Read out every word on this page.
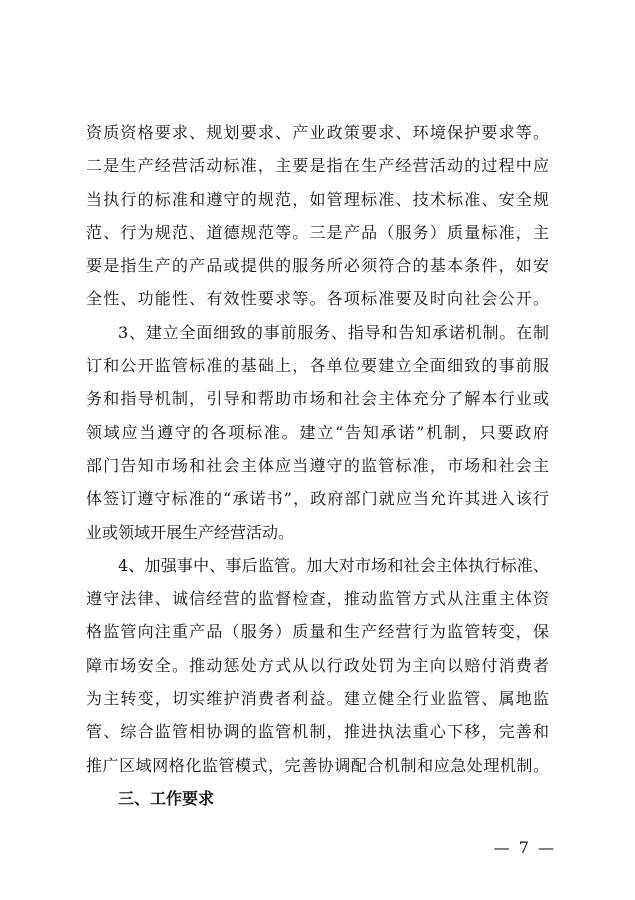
资质资格要求、规划要求、产业政策要求、环境保护要求等。
二是生产经营活动标准，主要是指在生产经营活动的过程中应
当执行的标准和遵守的规范，如管理标准、技术标准、安全规
范、行为规范、道德规范等。三是产品（服务）质量标准，主
要是指生产的产品或提供的服务所必须符合的基本条件，如安
全性、功能性、有效性要求等。各项标准要及时向社会公开。
3、建立全面细致的事前服务、指导和告知承诺机制。在制
订和公开监管标准的基础上，各单位要建立全面细致的事前服
务和指导机制，引导和帮助市场和社会主体充分了解本行业或
领域应当遵守的各项标准。建立“告知承诺”机制，只要政府
部门告知市场和社会主体应当遵守的监管标准，市场和社会主
体签订遵守标准的“承诺书”，政府部门就应当允许其进入该行
业或领域开展生产经营活动。
4、加强事中、事后监管。加大对市场和社会主体执行标准、
遵守法律、诚信经营的监督检查，推动监管方式从注重主体资
格监管向注重产品（服务）质量和生产经营行为监管转变，保
障市场安全。推动惩处方式从以行政处罚为主向以赔付消费者
为主转变，切实维护消费者利益。建立健全行业监管、属地监
管、综合监管相协调的监管机制，推进执法重心下移，完善和
推广区域网格化监管模式，完善协调配合机制和应急处理机制。
三、工作要求
— 7 —
